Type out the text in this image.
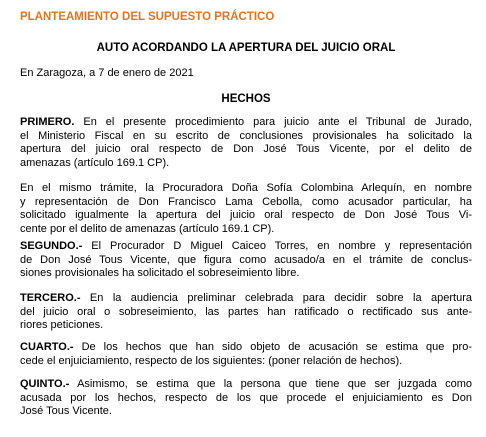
PLANTEAMIENTO DEL SUPUESTO PRÁCTICO
AUTO ACORDANDO LA APERTURA DEL JUICIO ORAL
En Zaragoza, a 7 de enero de 2021
HECHOS
PRIMERO. En el presente procedimiento para juicio ante el Tribunal de Jurado,
el Ministerio Fiscal en su escrito de conclusiones provisionales ha solicitado la
apertura del juicio oral respecto de Don José Tous Vicente, por el delito de
amenazas (artículo 169.1 CP).
En el mismo trámite, la Procuradora Doña Sofía Colombina Arlequín, en nombre
y representación de Don Francisco Lama Cebolla, como acusador particular, ha
solicitado igualmente la apertura del juicio oral respecto de Don José Tous Vi-
cente por el delito de amenazas (artículo 169.1 CP).
SEGUNDO.- El Procurador D Miguel Caiceo Torres, en nombre y representación
de Don José Tous Vicente, que figura como acusado/a en el trámite de conclus-
siones provisionales ha solicitado el sobreseimiento libre.
TERCERO.- En la audiencia preliminar celebrada para decidir sobre la apertura
del juicio oral o sobreseimiento, las partes han ratificado o rectificado sus ante-
riores peticiones.
CUARTO.- De los hechos que han sido objeto de acusación se estima que pro-
cede el enjuiciamiento, respecto de los siguientes: (poner relación de hechos).
QUINTO.- Asimismo, se estima que la persona que tiene que ser juzgada como
acusada por los hechos, respecto de los que procede el enjuiciamiento es Don
José Tous Vicente.
